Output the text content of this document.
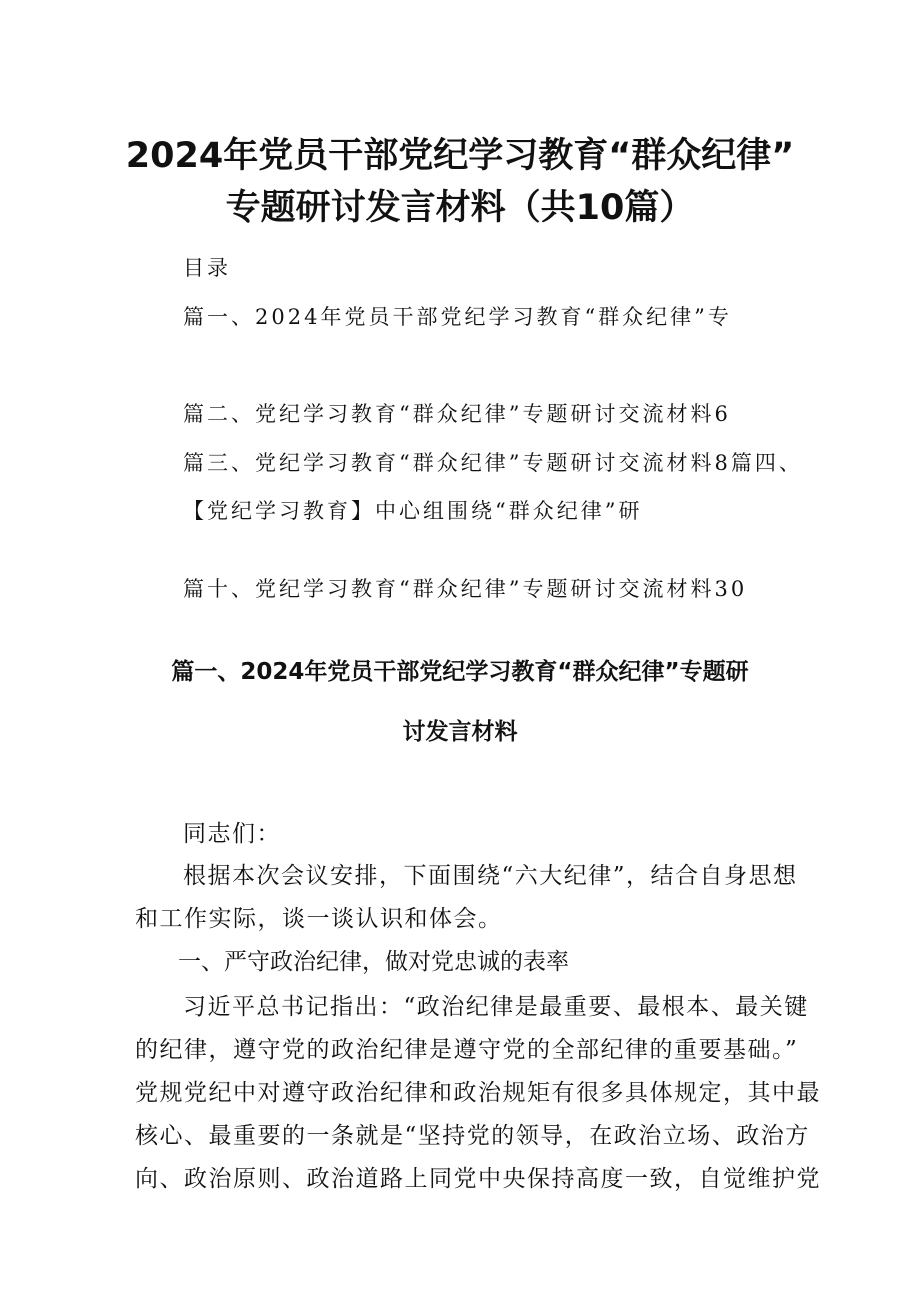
2024年党员干部党纪学习教育“群众纪律”
专题研讨发言材料（共10篇）
目录
篇一、2024年党员干部党纪学习教育“群众纪律”专
篇二、党纪学习教育“群众纪律”专题研讨交流材料6
篇三、党纪学习教育“群众纪律”专题研讨交流材料8篇四、
【党纪学习教育】中心组围绕“群众纪律”研
篇十、党纪学习教育“群众纪律”专题研讨交流材料30
篇一、2024年党员干部党纪学习教育“群众纪律”专题研
讨发言材料
同志们：
根据本次会议安排，下面围绕“六大纪律”，结合自身思想
和工作实际，谈一谈认识和体会。
一、严守政治纪律，做对党忠诚的表率
习近平总书记指出：“政治纪律是最重要、最根本、最关键
的纪律，遵守党的政治纪律是遵守党的全部纪律的重要基础。”
党规党纪中对遵守政治纪律和政治规矩有很多具体规定，其中最
核心、最重要的一条就是“坚持党的领导，在政治立场、政治方
向、政治原则、政治道路上同党中央保持高度一致，自觉维护党
